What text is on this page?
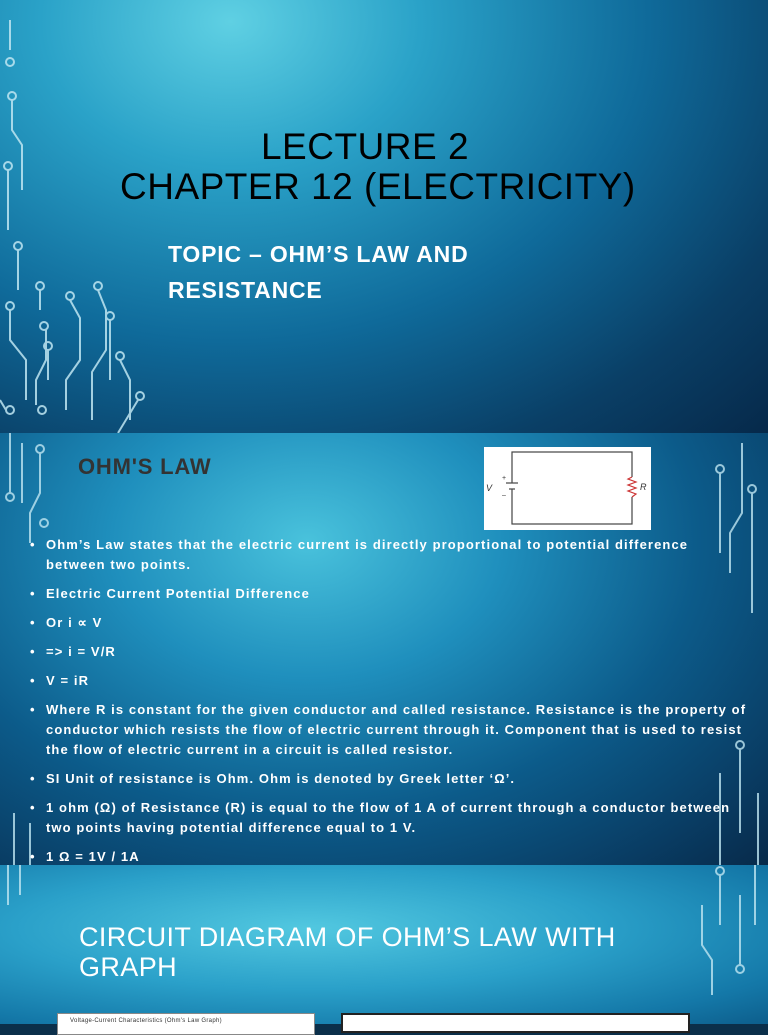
LECTURE 2
CHAPTER 12 (ELECTRICITY)
TOPIC – OHM’S LAW AND
RESISTANCE
OHM'S LAW
V
+
–
R
• Ohm’s Law states that the electric current is directly proportional to potential difference between two points.
• Electric Current Potential Difference
• Or i ∝ V
• => i = V/R
• V = iR
• Where R is constant for the given conductor and called resistance. Resistance is the property of conductor which resists the flow of electric current through it. Component that is used to resist the flow of electric current in a circuit is called resistor.
• SI Unit of resistance is Ohm. Ohm is denoted by Greek letter ‘Ω’.
• 1 ohm (Ω) of Resistance (R) is equal to the flow of 1 A of current through a conductor between two points having potential difference equal to 1 V.
• 1 Ω = 1V / 1A
CIRCUIT DIAGRAM OF OHM’S LAW WITH GRAPH
Voltage-Current Characteristics (Ohm's Law Graph)
